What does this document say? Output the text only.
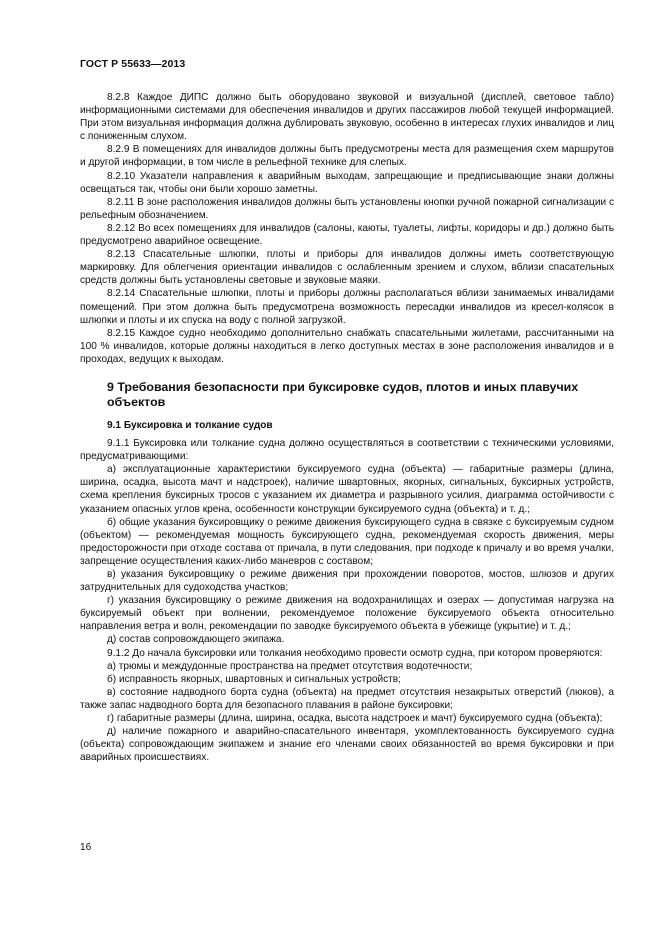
ГОСТ Р 55633—2013

8.2.8 Каждое ДИПС должно быть оборудовано звуковой и визуальной (дисплей, световое табло) информационными системами для обеспечения инвалидов и других пассажиров любой текущей информацией. При этом визуальная информация должна дублировать звуковую, особенно в интересах глухих инвалидов и лиц с пониженным слухом.

8.2.9 В помещениях для инвалидов должны быть предусмотрены места для размещения схем маршрутов и другой информации, в том числе в рельефной технике для слепых.

8.2.10 Указатели направления к аварийным выходам, запрещающие и предписывающие знаки должны освещаться так, чтобы они были хорошо заметны.

8.2.11 В зоне расположения инвалидов должны быть установлены кнопки ручной пожарной сигнализации с рельефным обозначением.

8.2.12 Во всех помещениях для инвалидов (салоны, каюты, туалеты, лифты, коридоры и др.) должно быть предусмотрено аварийное освещение.

8.2.13 Спасательные шлюпки, плоты и приборы для инвалидов должны иметь соответствующую маркировку. Для облегчения ориентации инвалидов с ослабленным зрением и слухом, вблизи спасательных средств должны быть установлены световые и звуковые маяки.

8.2.14 Спасательные шлюпки, плоты и приборы должны располагаться вблизи занимаемых инвалидами помещений. При этом должна быть предусмотрена возможность пересадки инвалидов из кресел-колясок в шлюпки и плоты и их спуска на воду с полной загрузкой.

8.2.15 Каждое судно необходимо дополнительно снабжать спасательными жилетами, рассчитанными на 100 % инвалидов, которые должны находиться в легко доступных местах в зоне расположения инвалидов и в проходах, ведущих к выходам.

9 Требования безопасности при буксировке судов, плотов и иных плавучих объектов
9.1 Буксировка и толкание судов

9.1.1 Буксировка или толкание судна должно осуществляться в соответствии с техническими условиями, предусматривающими:

а) эксплуатационные характеристики буксируемого судна (объекта) — габаритные размеры (длина, ширина, осадка, высота мачт и надстроек), наличие швартовных, якорных, сигнальных, буксирных устройств, схема крепления буксирных тросов с указанием их диаметра и разрывного усилия, диаграмма остойчивости с указанием опасных углов крена, особенности конструкции буксируемого судна (объекта) и т. д.;

б) общие указания буксировщику о режиме движения буксирующего судна в связке с буксируемым судном (объектом) — рекомендуемая мощность буксирующего судна, рекомендуемая скорость движения, меры предосторожности при отходе состава от причала, в пути следования, при подходе к причалу и во время учалки, запрещение осуществления каких-либо маневров с составом;

в) указания буксировщику о режиме движения при прохождении поворотов, мостов, шлюзов и других затруднительных для судоходства участков;

г) указания буксировщику о режиме движения на водохранилищах и озерах — допустимая нагрузка на буксируемый объект при волнении, рекомендуемое положение буксируемого объекта относительно направления ветра и волн, рекомендации по заводке буксируемого объекта в убежище (укрытие) и т. д.;

д) состав сопровождающего экипажа.

9.1.2 До начала буксировки или толкания необходимо провести осмотр судна, при котором проверяются:

а) трюмы и междудонные пространства на предмет отсутствия водотечности;

б) исправность якорных, швартовных и сигнальных устройств;

в) состояние надводного борта судна (объекта) на предмет отсутствия незакрытых отверстий (люков), а также запас надводного борта для безопасного плавания в районе буксировки;

г) габаритные размеры (длина, ширина, осадка, высота надстроек и мачт) буксируемого судна (объекта);

д) наличие пожарного и аварийно-спасательного инвентаря, укомплектованность буксируемого судна (объекта) сопровождающим экипажем и знание его членами своих обязанностей во время буксировки и при аварийных происшествиях.

16
